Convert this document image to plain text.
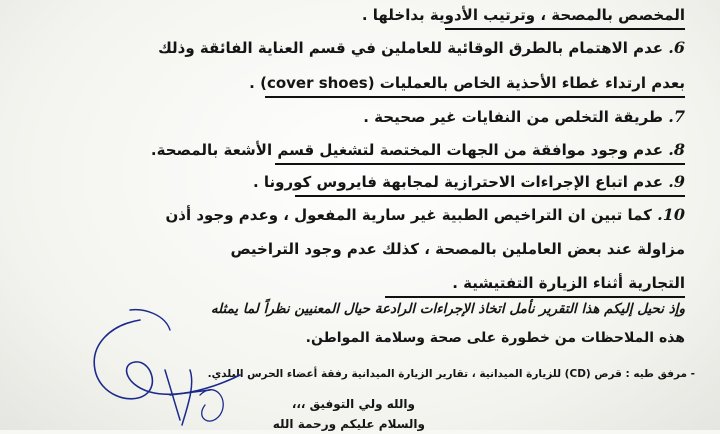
المخصص بالمصحة ، وترتيب الأدوية بداخلها .
6. عدم الاهتمام بالطرق الوقائية للعاملين في قسم العناية الفائقة وذلك
بعدم ارتداء غطاء الأحذية الخاص بالعمليات (cover shoes) .
7. طريقة التخلص من النفايات غير صحيحة .
8. عدم وجود موافقة من الجهات المختصة لتشغيل قسم الأشعة بالمصحة.
9. عدم اتباع الإجراءات الاحترازية لمجابهة فايروس كورونا .
10. كما تبين ان التراخيص الطبية غير سارية المفعول ، وعدم وجود أذن
مزاولة عند بعض العاملين بالمصحة ، كذلك عدم وجود التراخيص
التجارية أثناء الزيارة التفتيشية .
وإذ نحيل إليكم هذا التقرير نأمل اتخاذ الإجراءات الرادعة حيال المعنيين نظراً لما يمثله
هذه الملاحظات من خطورة على صحة وسلامة المواطن.
- مرفق طيه : قرص (CD) للزيارة الميدانية ، تقارير الزيارة الميدانية رفقة أعضاء الحرس البلدي.
والله ولي التوفيق ،،،
والسلام عليكم ورحمة الله
